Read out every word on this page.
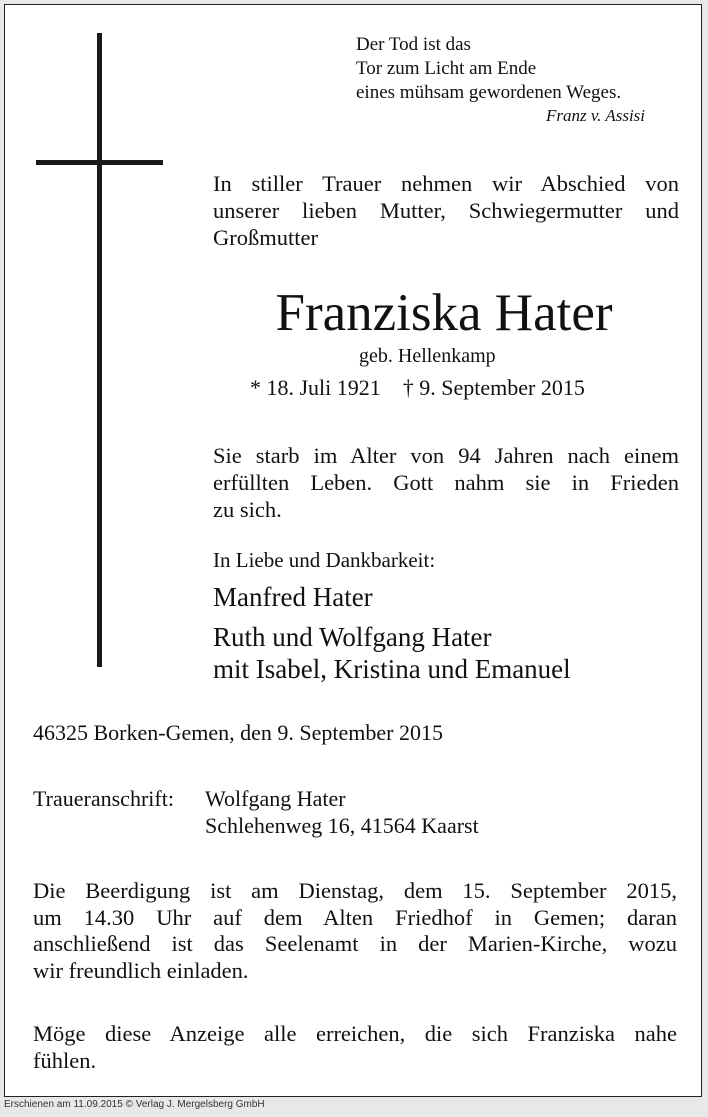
Der Tod ist das
Tor zum Licht am Ende
eines mühsam gewordenen Weges.
Franz v. Assisi
In stiller Trauer nehmen wir Abschied von
unserer lieben Mutter, Schwiegermutter und
Großmutter
Franziska Hater
geb. Hellenkamp
* 18. Juli 1921 † 9. September 2015
Sie starb im Alter von 94 Jahren nach einem
erfüllten Leben. Gott nahm sie in Frieden
zu sich.
In Liebe und Dankbarkeit:
Manfred Hater
Ruth und Wolfgang Hater
mit Isabel, Kristina und Emanuel
46325 Borken-Gemen, den 9. September 2015
Traueranschrift: Wolfgang Hater
Schlehenweg 16, 41564 Kaarst
Die Beerdigung ist am Dienstag, dem 15. September 2015,
um 14.30 Uhr auf dem Alten Friedhof in Gemen; daran
anschließend ist das Seelenamt in der Marien-Kirche, wozu
wir freundlich einladen.
Möge diese Anzeige alle erreichen, die sich Franziska nahe
fühlen.
Erschienen am 11.09.2015 © Verlag J. Mergelsberg GmbH
